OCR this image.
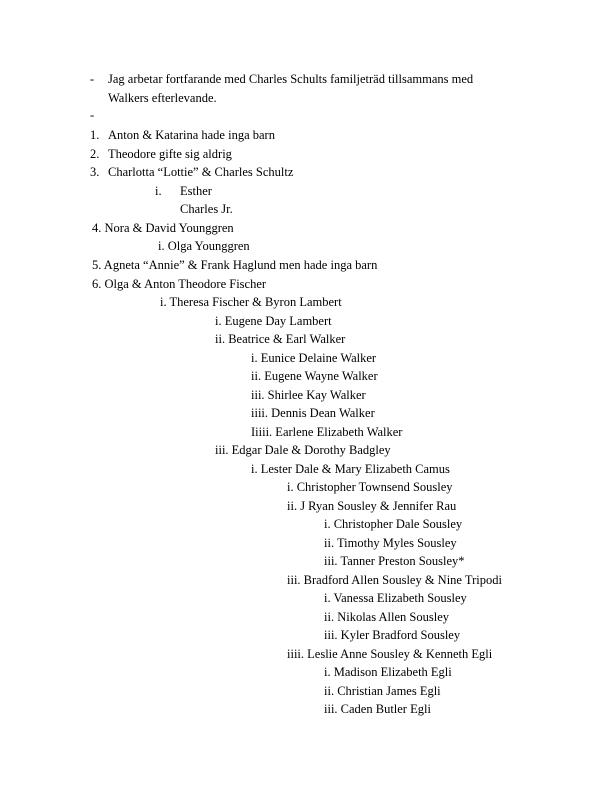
- Jag arbetar fortfarande med Charles Schults familjeträd tillsammans med
Walkers efterlevande.
-
1. Anton & Katarina hade inga barn
2. Theodore gifte sig aldrig
3. Charlotta “Lottie” & Charles Schultz
i. Esther
Charles Jr.
4. Nora & David Younggren
i. Olga Younggren
5. Agneta “Annie” & Frank Haglund men hade inga barn
6. Olga & Anton Theodore Fischer
i. Theresa Fischer & Byron Lambert
i. Eugene Day Lambert
ii. Beatrice & Earl Walker
i. Eunice Delaine Walker
ii. Eugene Wayne Walker
iii. Shirlee Kay Walker
iiii. Dennis Dean Walker
Iiiii. Earlene Elizabeth Walker
iii. Edgar Dale & Dorothy Badgley
i. Lester Dale & Mary Elizabeth Camus
i. Christopher Townsend Sousley
ii. J Ryan Sousley & Jennifer Rau
i. Christopher Dale Sousley
ii. Timothy Myles Sousley
iii. Tanner Preston Sousley*
iii. Bradford Allen Sousley & Nine Tripodi
i. Vanessa Elizabeth Sousley
ii. Nikolas Allen Sousley
iii. Kyler Bradford Sousley
iiii. Leslie Anne Sousley & Kenneth Egli
i. Madison Elizabeth Egli
ii. Christian James Egli
iii. Caden Butler Egli
